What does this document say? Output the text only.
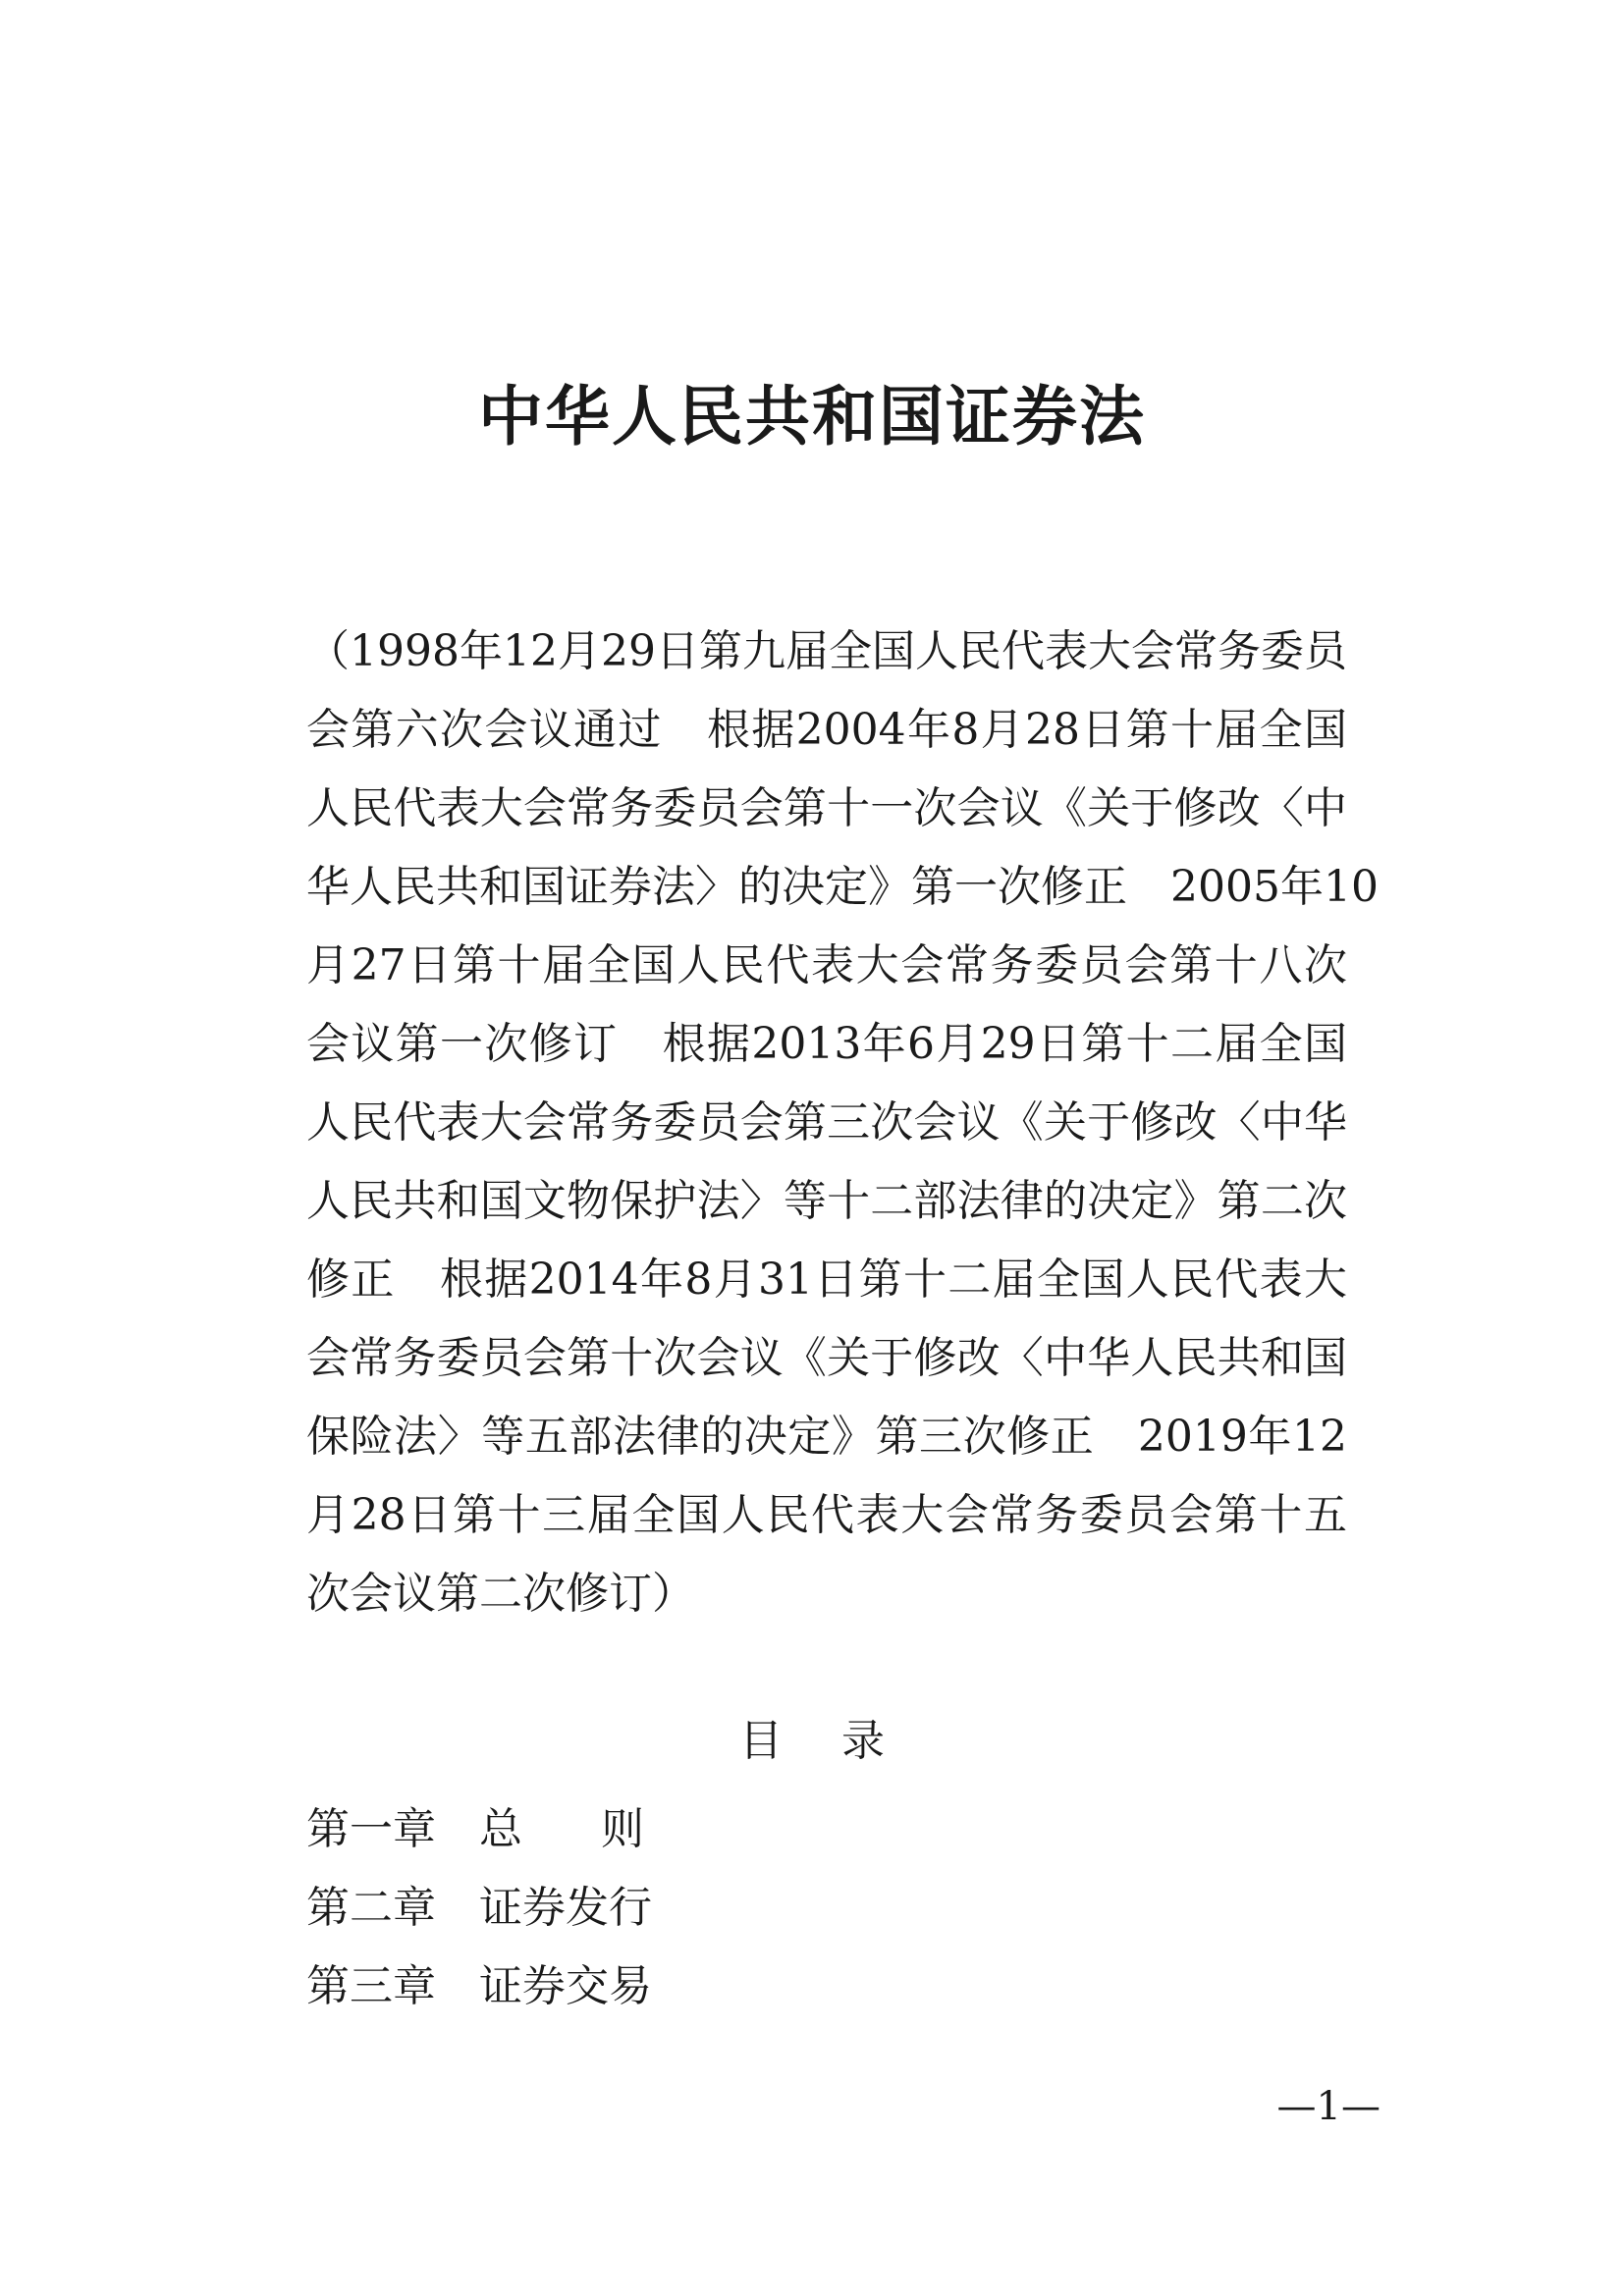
中华人民共和国证券法
（1998年12月29日第九届全国人民代表大会常务委员
会第六次会议通过　根据2004年8月28日第十届全国
人民代表大会常务委员会第十一次会议《关于修改〈中
华人民共和国证券法〉的决定》第一次修正　2005年10
月27日第十届全国人民代表大会常务委员会第十八次
会议第一次修订　根据2013年6月29日第十二届全国
人民代表大会常务委员会第三次会议《关于修改〈中华
人民共和国文物保护法〉等十二部法律的决定》第二次
修正　根据2014年8月31日第十二届全国人民代表大
会常务委员会第十次会议《关于修改〈中华人民共和国
保险法〉等五部法律的决定》第三次修正　2019年12
月28日第十三届全国人民代表大会常务委员会第十五
次会议第二次修订）
目录
第一章	总则
第二章	证券发行
第三章	证券交易
—1—
